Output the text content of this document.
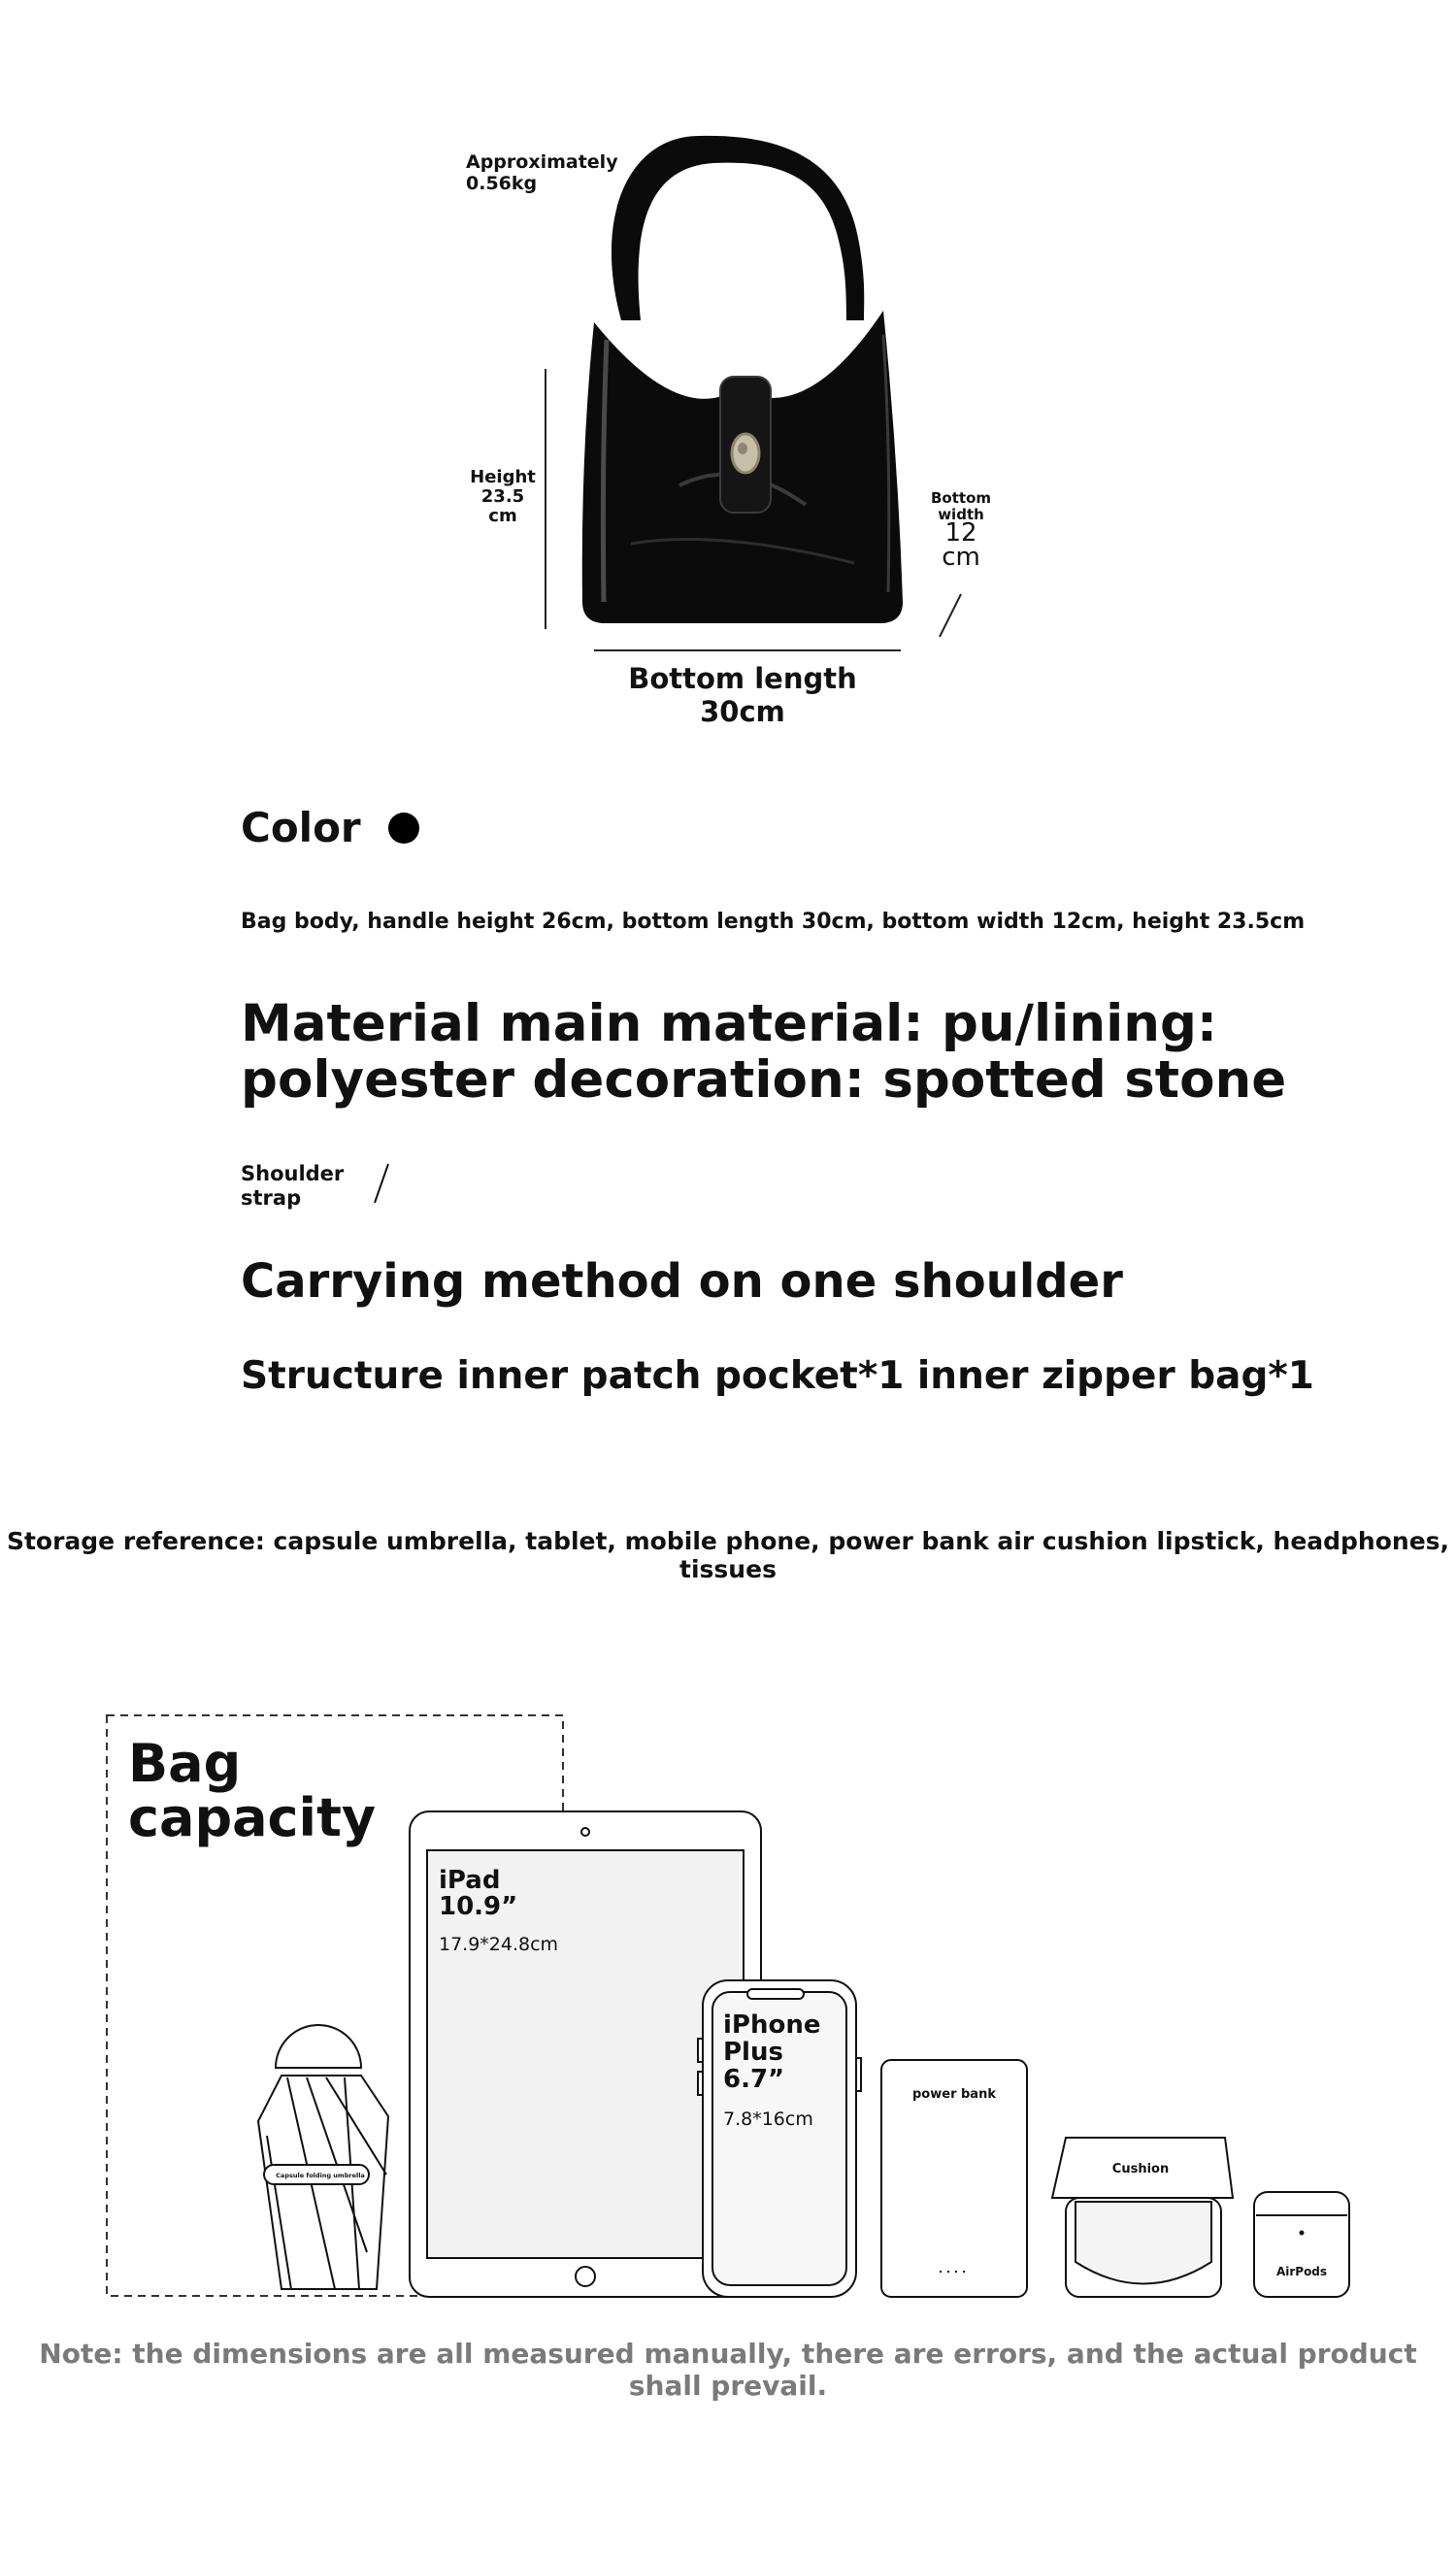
Approximately 0.56kg
Height 23.5 cm
Bottom width
12 cm
Bottom length 30cm
Color
Bag body, handle height 26cm, bottom length 30cm, bottom width 12cm, height 23.5cm
Material main material: pu/lining: polyester decoration: spotted stone
Shoulder strap
Carrying method on one shoulder
Structure inner patch pocket*1 inner zipper bag*1
Storage reference: capsule umbrella, tablet, mobile phone, power bank air cushion lipstick, headphones, tissues
Bag capacity
iPad 10.9”
17.9*24.8cm
iPhone Plus 6.7”
7.8*16cm
power bank
Cushion
AirPods
Capsule folding umbrella
Note: the dimensions are all measured manually, there are errors, and the actual product shall prevail.
